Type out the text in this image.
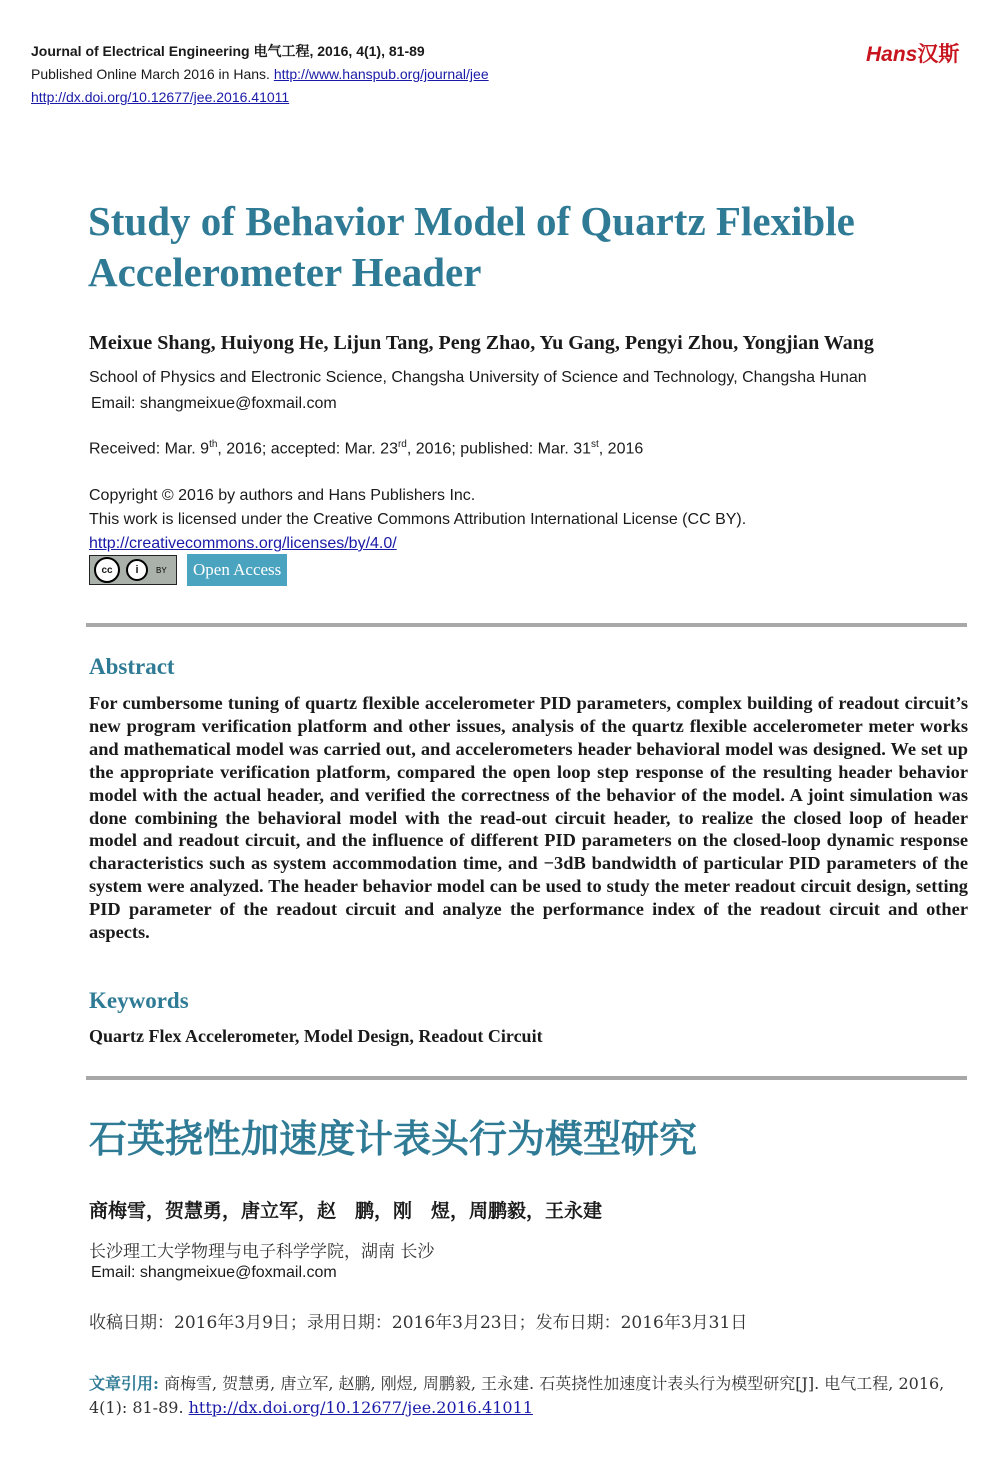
Journal of Electrical Engineering 电气工程, 2016, 4(1), 81-89
Published Online March 2016 in Hans. http://www.hanspub.org/journal/jee
http://dx.doi.org/10.12677/jee.2016.41011
Hans汉斯
Study of Behavior Model of Quartz Flexible Accelerometer Header
Meixue Shang, Huiyong He, Lijun Tang, Peng Zhao, Yu Gang, Pengyi Zhou, Yongjian Wang
School of Physics and Electronic Science, Changsha University of Science and Technology, Changsha Hunan
Email: shangmeixue@foxmail.com
Received: Mar. 9th, 2016; accepted: Mar. 23rd, 2016; published: Mar. 31st, 2016
Copyright © 2016 by authors and Hans Publishers Inc.
This work is licensed under the Creative Commons Attribution International License (CC BY).
http://creativecommons.org/licenses/by/4.0/
cc	i	BY	Open Access
Abstract
For cumbersome tuning of quartz flexible accelerometer PID parameters, complex building of readout circuit’s new program verification platform and other issues, analysis of the quartz flexible accelerometer meter works and mathematical model was carried out, and accelerometers header behavioral model was designed. We set up the appropriate verification platform, compared the open loop step response of the resulting header behavior model with the actual header, and verified the correctness of the behavior of the model. A joint simulation was done combining the behavioral model with the read-out circuit header, to realize the closed loop of header model and readout circuit, and the influence of different PID parameters on the closed-loop dynamic response characteristics such as system accommodation time, and −3dB bandwidth of particular PID parameters of the system were analyzed. The header behavior model can be used to study the meter readout circuit design, setting PID parameter of the readout circuit and analyze the performance index of the readout circuit and other aspects.
Keywords
Quartz Flex Accelerometer, Model Design, Readout Circuit
石英挠性加速度计表头行为模型研究
商梅雪，贺慧勇，唐立军，赵　鹏，刚　煜，周鹏毅，王永建
长沙理工大学物理与电子科学学院，湖南 长沙
Email: shangmeixue@foxmail.com
收稿日期：2016年3月9日；录用日期：2016年3月23日；发布日期：2016年3月31日
文章引用: 商梅雪, 贺慧勇, 唐立军, 赵鹏, 刚煜, 周鹏毅, 王永建. 石英挠性加速度计表头行为模型研究[J]. 电气工程, 2016, 4(1): 81-89. http://dx.doi.org/10.12677/jee.2016.41011
